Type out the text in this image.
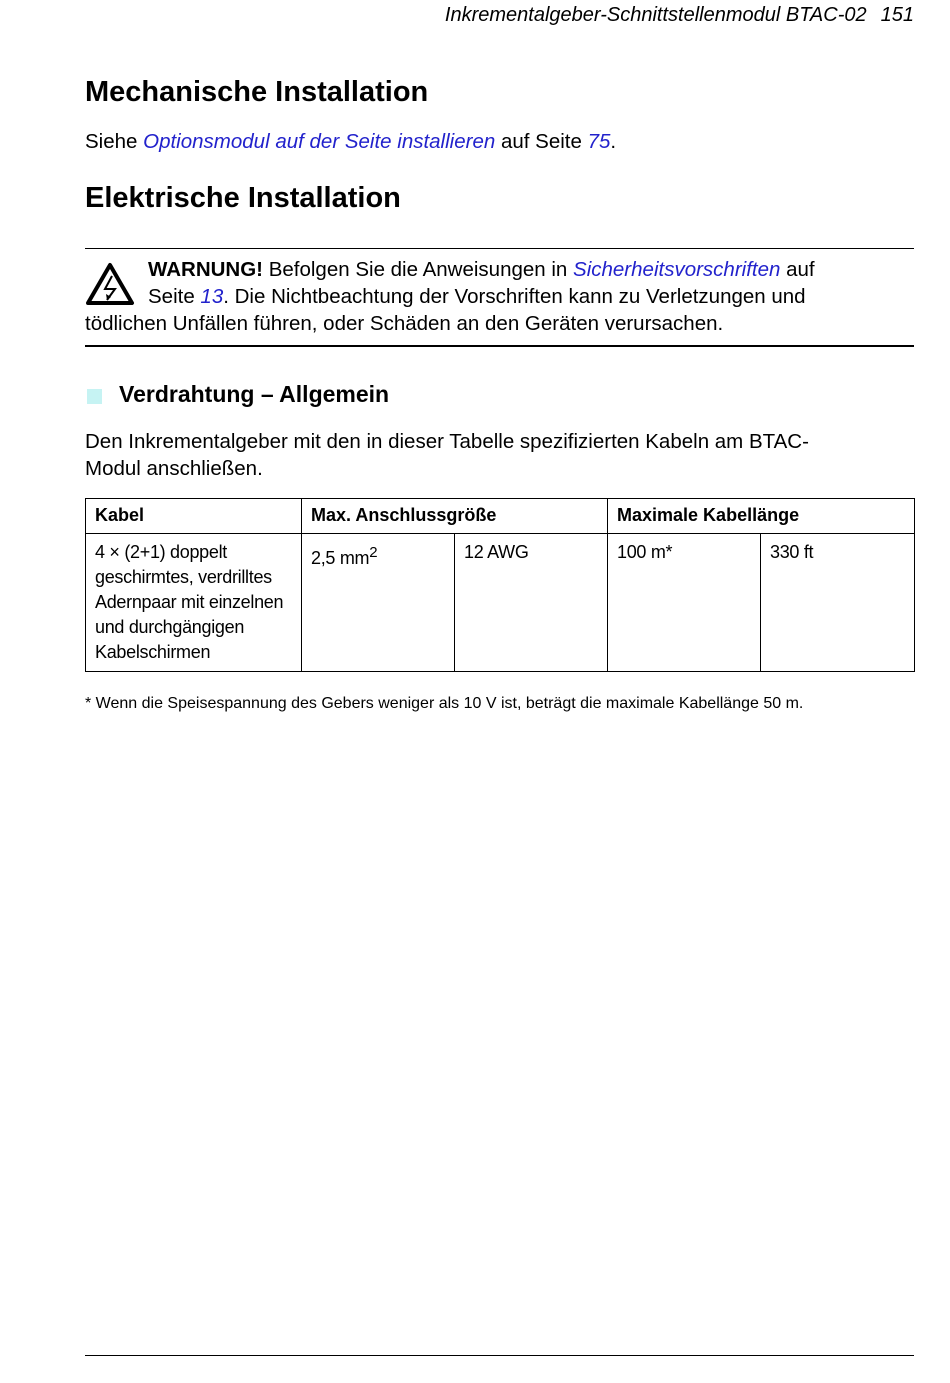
Inkrementalgeber-Schnittstellenmodul BTAC-02 151
Mechanische Installation

Siehe Optionsmodul auf der Seite installieren auf Seite 75.

Elektrische Installation
WARNUNG! Befolgen Sie die Anweisungen in Sicherheitsvorschriften auf
Seite 13. Die Nichtbeachtung der Vorschriften kann zu Verletzungen und
tödlichen Unfällen führen, oder Schäden an den Geräten verursachen.
Verdrahtung – Allgemein

Den Inkrementalgeber mit den in dieser Tabelle spezifizierten Kabeln am BTAC-
Modul anschließen.

Kabel	Max. Anschlussgröße		Maximale Kabellänge	
4 × (2+1) doppelt
geschirmtes, verdrilltes
Adernpaar mit einzelnen
und durchgängigen
Kabelschirmen	2,5 $mm^2$	12 AWG	100 m*	330 ft

* Wenn die Speisespannung des Gebers weniger als 10 V ist, beträgt die maximale Kabellänge 50 m.
